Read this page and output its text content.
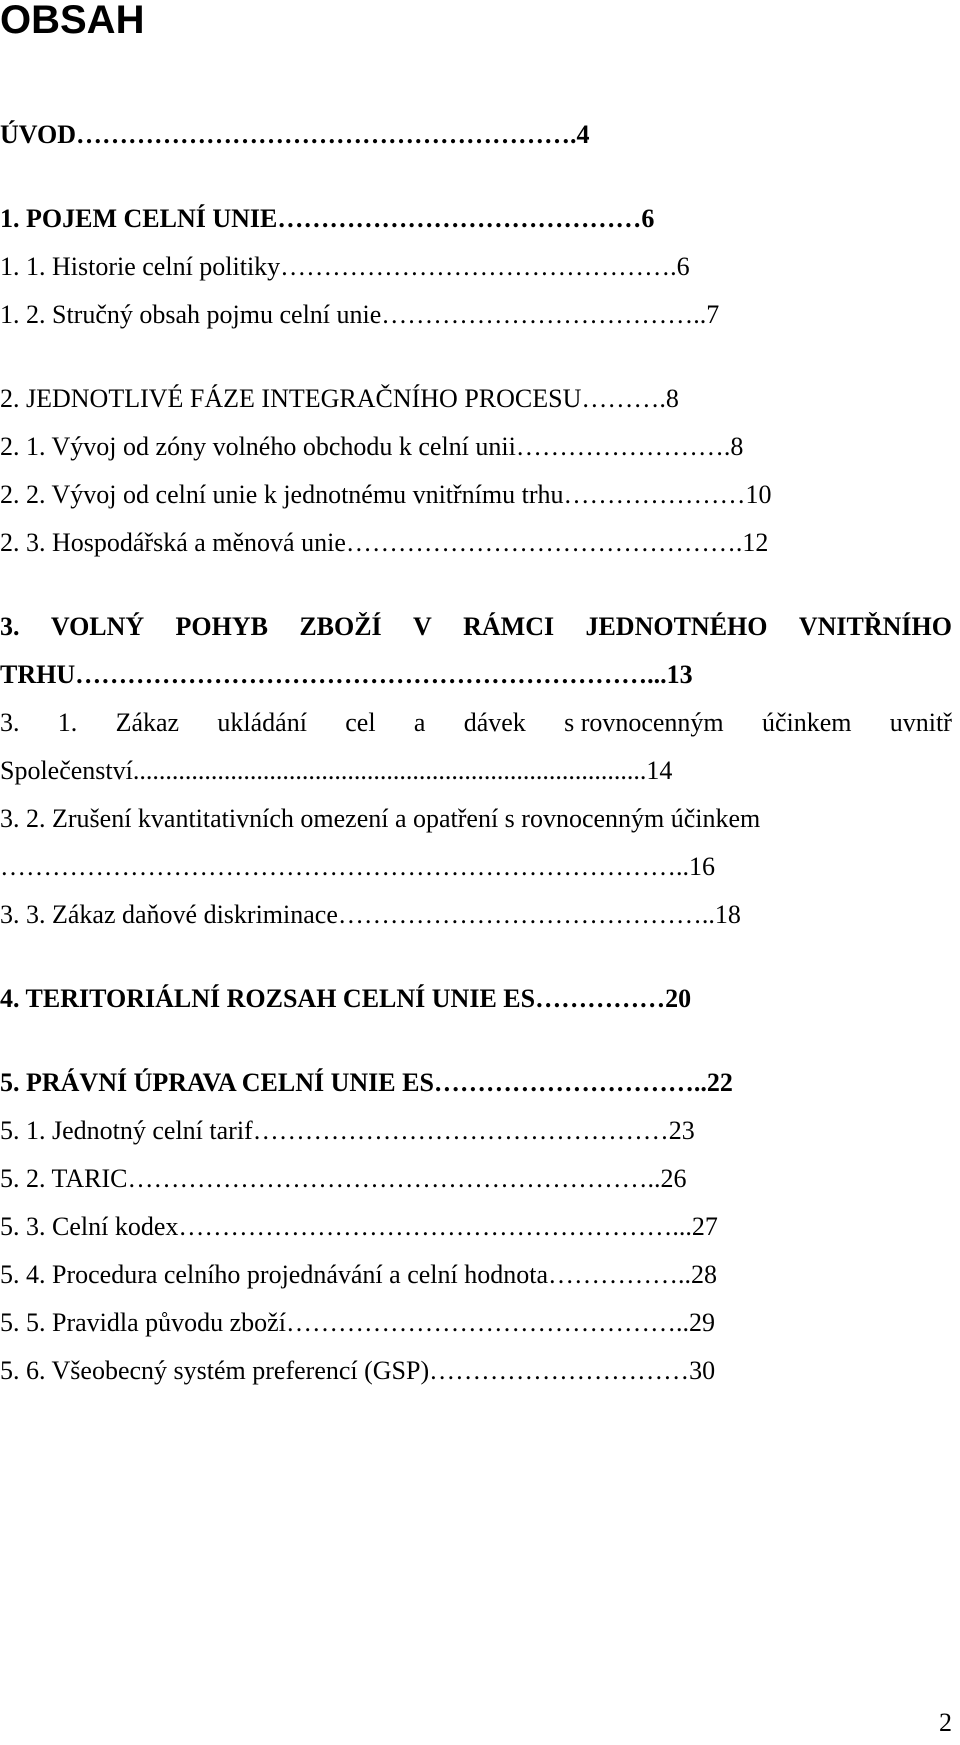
OBSAH
ÚVOD………………………………………………….4
1. POJEM CELNÍ UNIE……………………………………6
1. 1. Historie celní politiky……………………………………….6
1. 2. Stručný obsah pojmu celní unie………………………………..7
2. JEDNOTLIVÉ FÁZE INTEGRAČNÍHO PROCESU……….8
2. 1. Vývoj od zóny volného obchodu k celní unii…………………….8
2. 2. Vývoj od celní unie k jednotnému vnitřnímu trhu…………………10
2. 3. Hospodářská a měnová unie……………………………………….12
3. VOLNÝ POHYB ZBOŽÍ V RÁMCI JEDNOTNÉHO VNITŘNÍHO
TRHU…………………………………………………………...13
3. 1. Zákaz ukládání cel a dávek s rovnocenným účinkem uvnitř
Společenství...............................................................................14
3. 2. Zrušení kvantitativních omezení a opatření s rovnocenným účinkem
……………………………………………………………………..16
3. 3. Zákaz daňové diskriminace……………………………………..18
4. TERITORIÁLNÍ ROZSAH CELNÍ UNIE ES……………20
5. PRÁVNÍ ÚPRAVA CELNÍ UNIE ES…………………………..22
5. 1. Jednotný celní tarif…………………………………………23
5. 2. TARIC……………………………………………………..26
5. 3. Celní kodex…………………………………………………...27
5. 4. Procedura celního projednávání a celní hodnota……………..28
5. 5. Pravidla původu zboží………………………………………..29
5. 6. Všeobecný systém preferencí (GSP)…………………………30
2
